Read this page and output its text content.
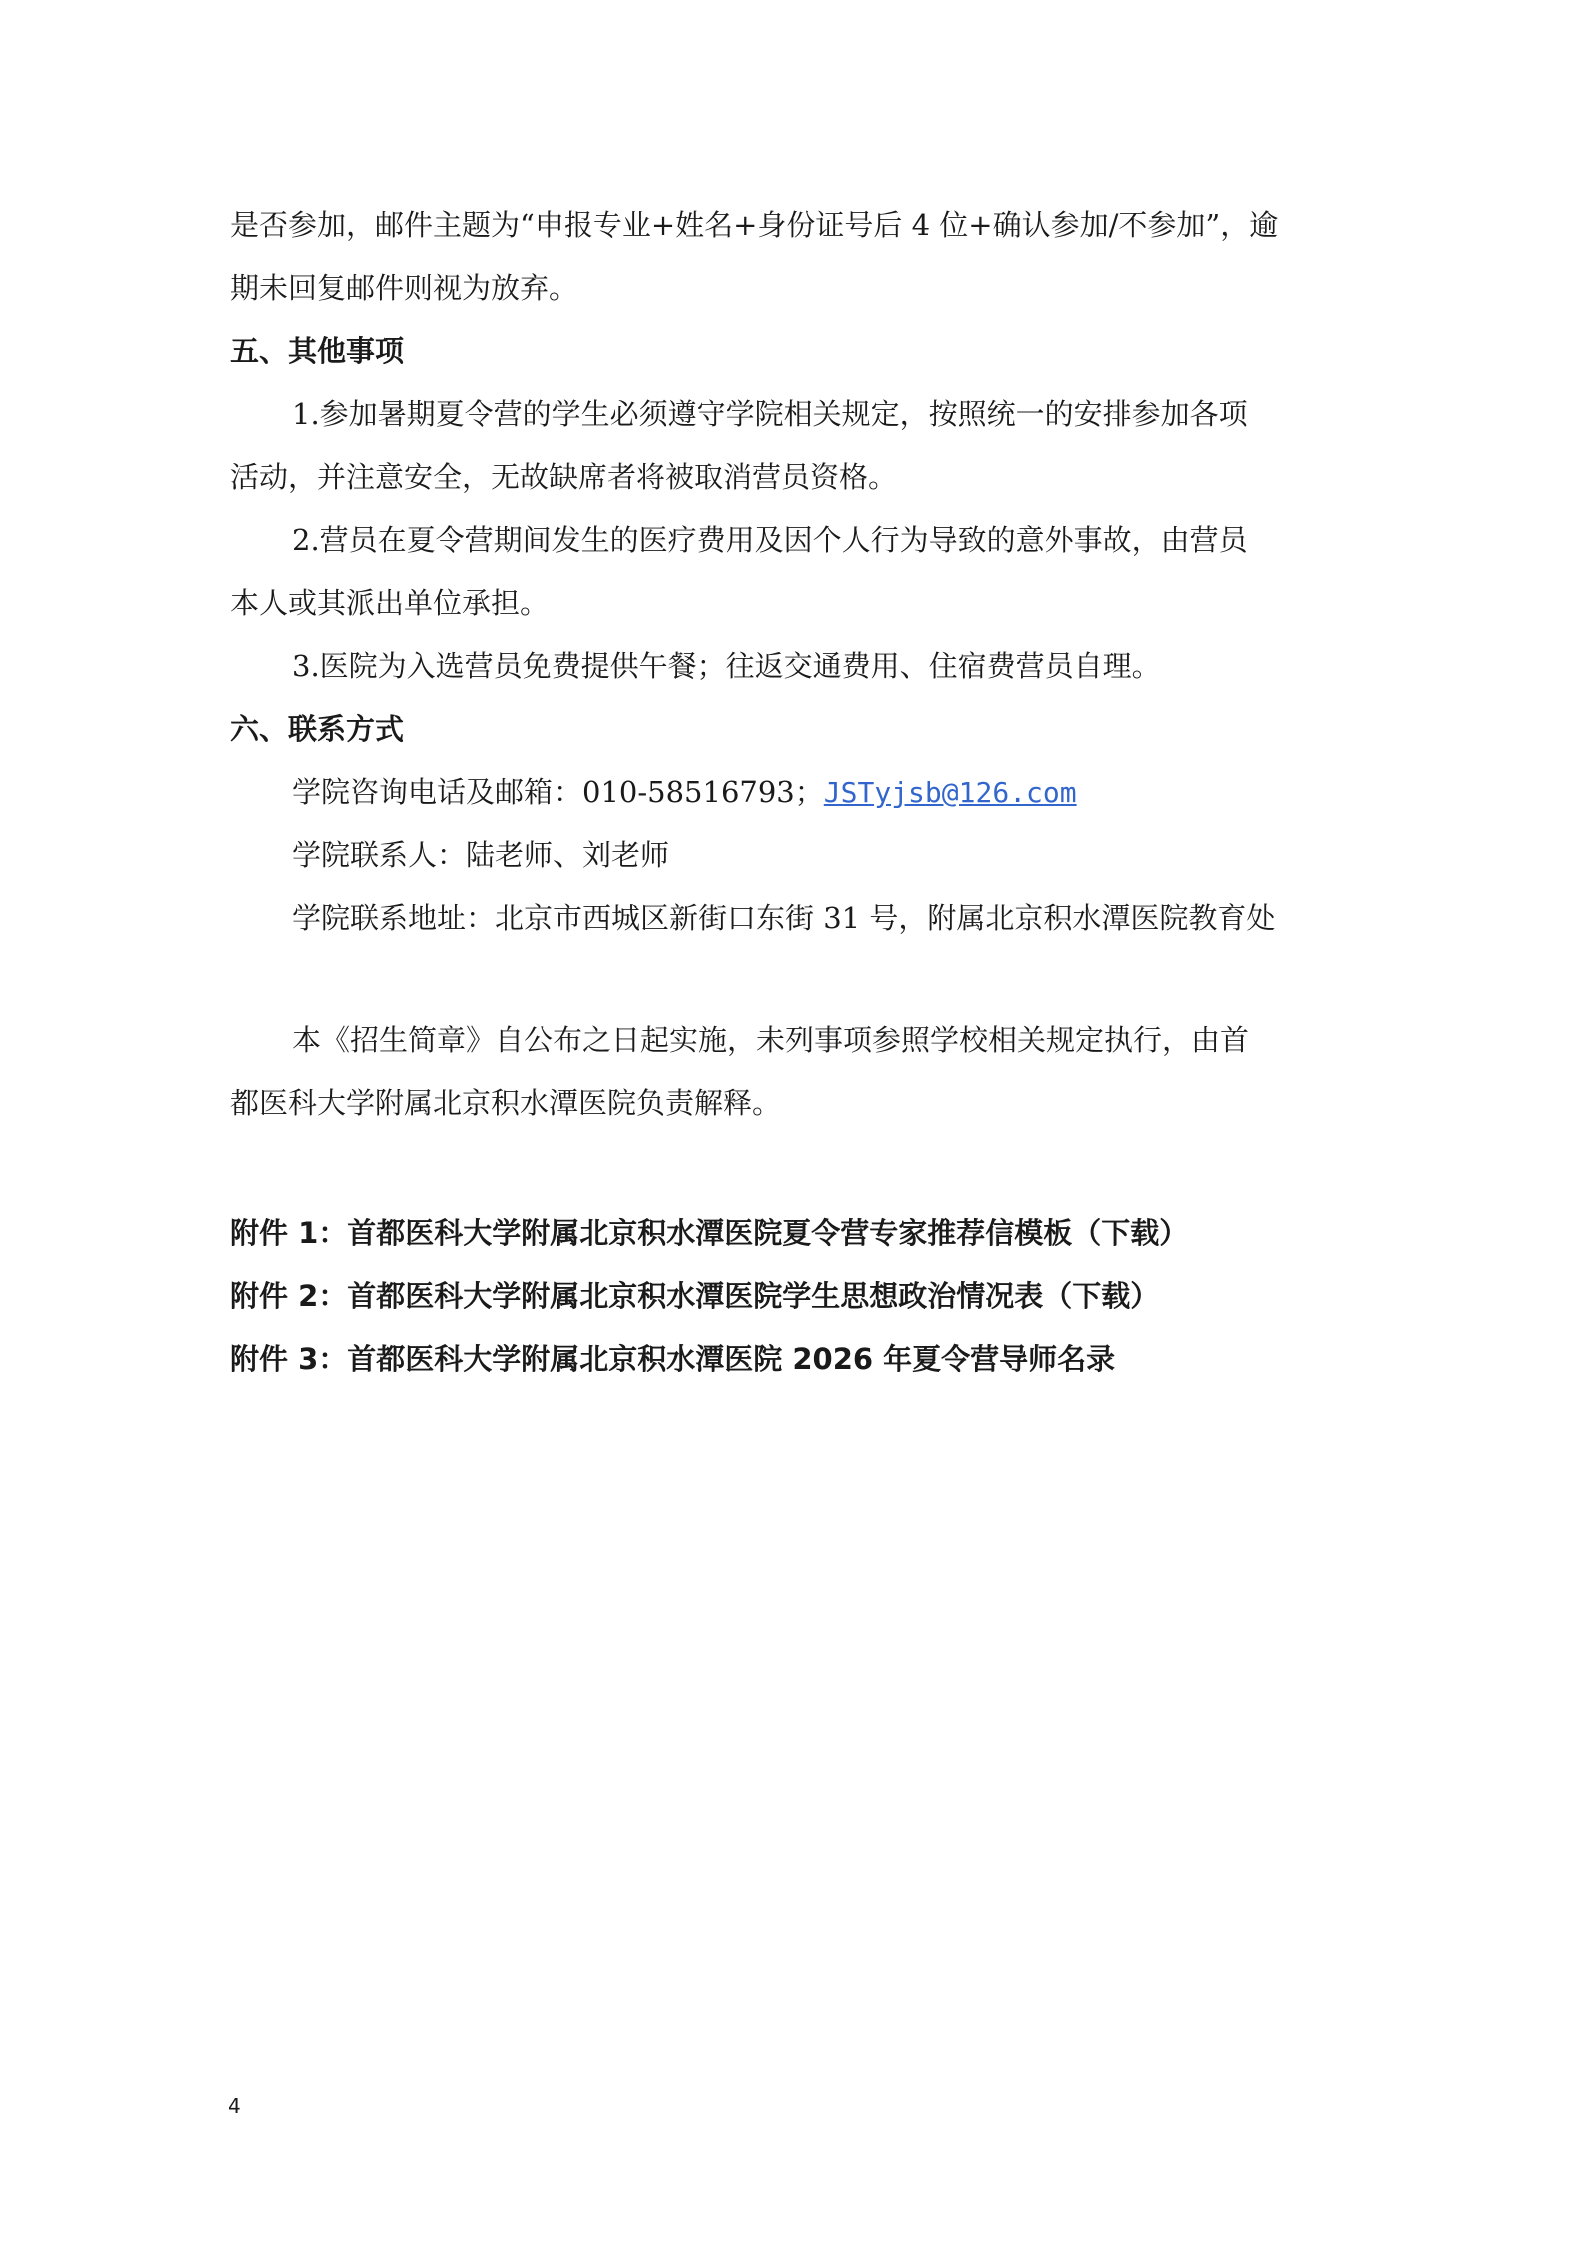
是否参加，邮件主题为“申报专业+姓名+身份证号后 4 位+确认参加/不参加”，逾
期未回复邮件则视为放弃。
五、其他事项
1.参加暑期夏令营的学生必须遵守学院相关规定，按照统一的安排参加各项
活动，并注意安全，无故缺席者将被取消营员资格。
2.营员在夏令营期间发生的医疗费用及因个人行为导致的意外事故，由营员
本人或其派出单位承担。
3.医院为入选营员免费提供午餐；往返交通费用、住宿费营员自理。
六、联系方式
学院咨询电话及邮箱：010-58516793；JSTyjsb@126.com
学院联系人：陆老师、刘老师
学院联系地址：北京市西城区新街口东街 31 号，附属北京积水潭医院教育处
本《招生简章》自公布之日起实施，未列事项参照学校相关规定执行，由首
都医科大学附属北京积水潭医院负责解释。
附件 1：首都医科大学附属北京积水潭医院夏令营专家推荐信模板（下载）
附件 2：首都医科大学附属北京积水潭医院学生思想政治情况表（下载）
附件 3：首都医科大学附属北京积水潭医院 2026 年夏令营导师名录
4
